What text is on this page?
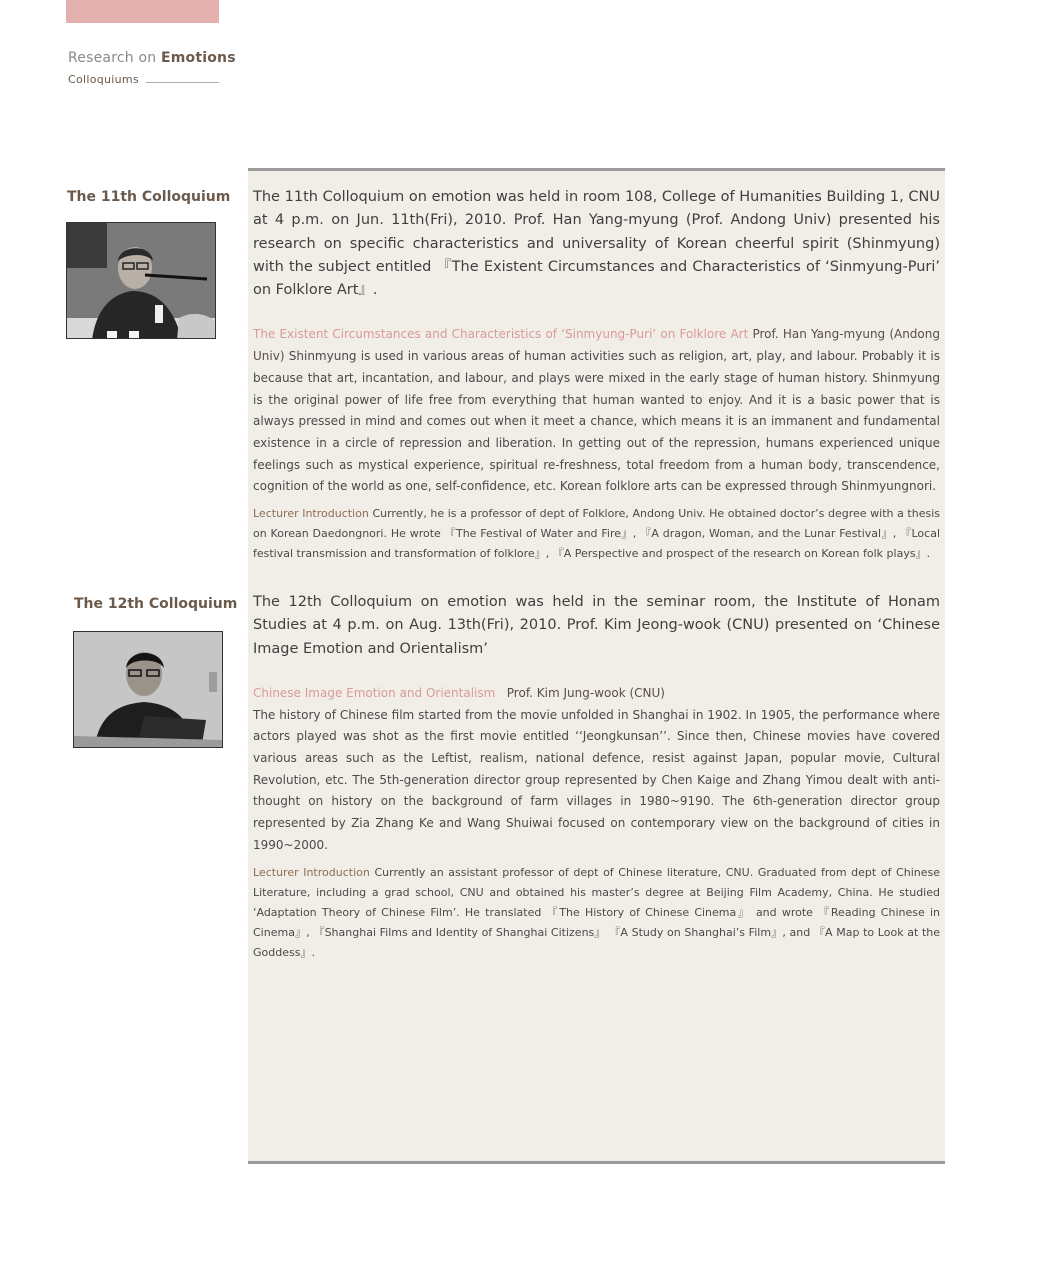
Research on Emotions
Colloquiums
The 11th Colloquium The 11th Colloquium on emotion was held in room 108, College of Humanities Building 1, CNU at 4 p.m. on Jun. 11th(Fri), 2010. Prof. Han Yang-myung (Prof. Andong Univ) presented his research on specific characteristics and universality of Korean cheerful spirit (Shinmyung) with the subject entitled 『The Existent Circumstances and Characteristics of ‘Sinmyung-Puri’ on Folklore Art』.

The Existent Circumstances and Characteristics of ‘Sinmyung-Puri’ on Folklore Art Prof. Han Yang-myung (Andong Univ) Shinmyung is used in various areas of human activities such as religion, art, play, and labour. Probably it is because that art, incantation, and labour, and plays were mixed in the early stage of human history. Shinmyung is the original power of life free from everything that human wanted to enjoy. And it is a basic power that is always pressed in mind and comes out when it meet a chance, which means it is an immanent and fundamental existence in a circle of repression and liberation. In getting out of the repression, humans experienced unique feelings such as mystical experience, spiritual re-freshness, total freedom from a human body, transcendence, cognition of the world as one, self-confidence, etc. Korean folklore arts can be expressed through Shinmyungnori.

Lecturer Introduction Currently, he is a professor of dept of Folklore, Andong Univ. He obtained doctor’s degree with a thesis on Korean Daedongnori. He wrote 『The Festival of Water and Fire』, 『A dragon, Woman, and the Lunar Festival』, 『Local festival transmission and transformation of folklore』, 『A Perspective and prospect of the research on Korean folk plays』.

The 12th Colloquium The 12th Colloquium on emotion was held in the seminar room, the Institute of Honam Studies at 4 p.m. on Aug. 13th(Fri), 2010. Prof. Kim Jeong-wook (CNU) presented on ‘Chinese Image Emotion and Orientalism’

Chinese Image Emotion and Orientalism Prof. Kim Jung-wook (CNU)
The history of Chinese film started from the movie unfolded in Shanghai in 1902. In 1905, the performance where actors played was shot as the first movie entitled ‘‘Jeongkunsan’’. Since then, Chinese movies have covered various areas such as the Leftist, realism, national defence, resist against Japan, popular movie, Cultural Revolution, etc. The 5th-generation director group represented by Chen Kaige and Zhang Yimou dealt with anti-thought on history on the background of farm villages in 1980~9190. The 6th-generation director group represented by Zia Zhang Ke and Wang Shuiwai focused on contemporary view on the background of cities in 1990~2000.

Lecturer Introduction Currently an assistant professor of dept of Chinese literature, CNU. Graduated from dept of Chinese Literature, including a grad school, CNU and obtained his master’s degree at Beijing Film Academy, China. He studied ‘Adaptation Theory of Chinese Film’. He translated 『The History of Chinese Cinema』 and wrote 『Reading Chinese in Cinema』, 『Shanghai Films and Identity of Shanghai Citizens』 『A Study on Shanghai’s Film』, and 『A Map to Look at the Goddess』.
